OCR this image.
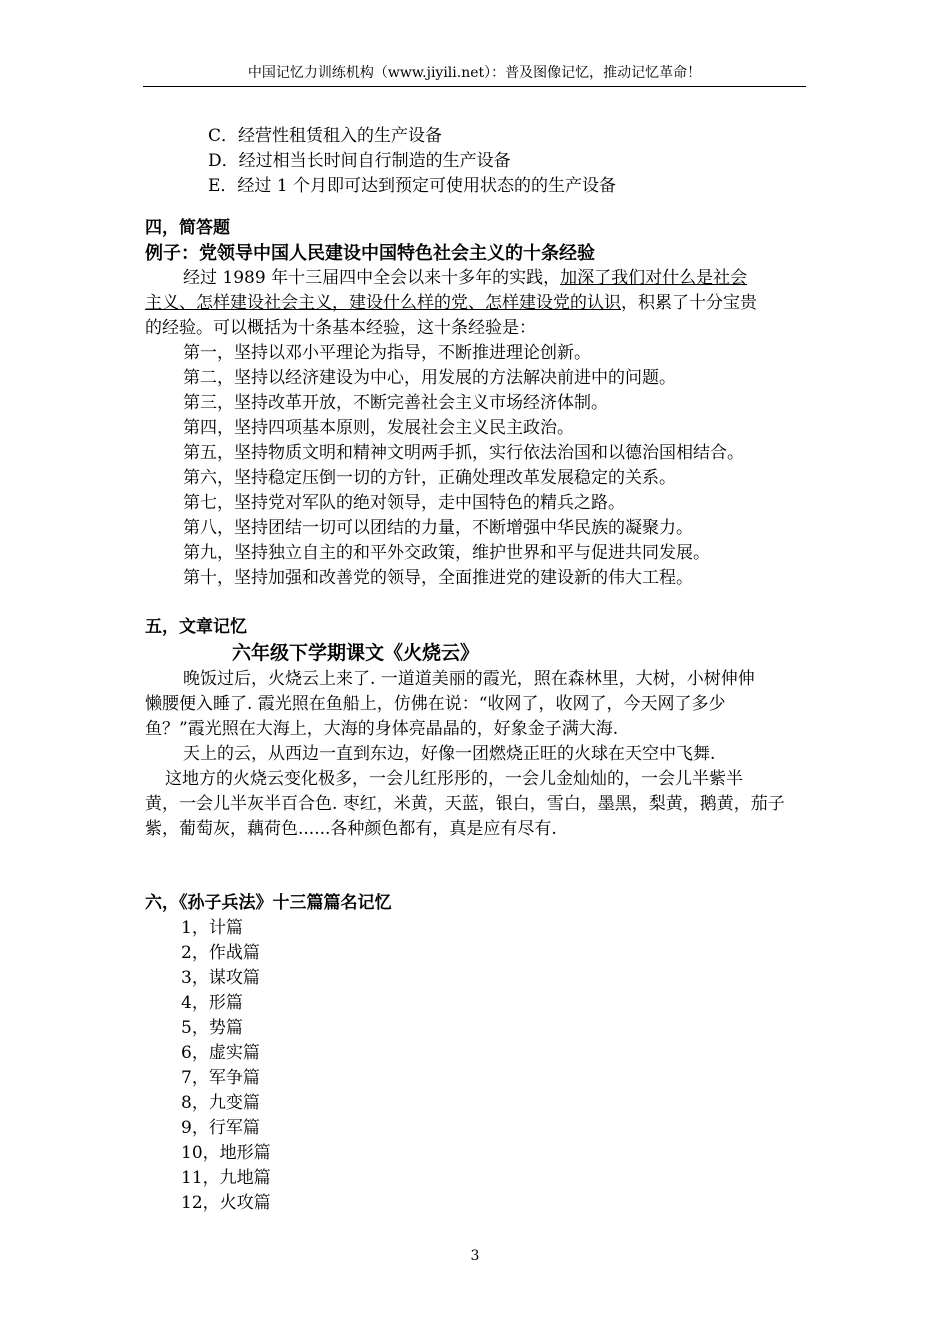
中国记忆力训练机构（www.jiyili.net）：普及图像记忆，推动记忆革命！
C．经营性租赁租入的生产设备
D．经过相当长时间自行制造的生产设备
E．经过 1 个月即可达到预定可使用状态的的生产设备
四，简答题
例子：党领导中国人民建设中国特色社会主义的十条经验
经过 1989 年十三届四中全会以来十多年的实践，加深了我们对什么是社会
主义、怎样建设社会主义，建设什么样的党、怎样建设党的认识，积累了十分宝贵
的经验。可以概括为十条基本经验，这十条经验是：
第一，坚持以邓小平理论为指导，不断推进理论创新。
第二，坚持以经济建设为中心，用发展的方法解决前进中的问题。
第三，坚持改革开放，不断完善社会主义市场经济体制。
第四，坚持四项基本原则，发展社会主义民主政治。
第五，坚持物质文明和精神文明两手抓，实行依法治国和以德治国相结合。
第六，坚持稳定压倒一切的方针，正确处理改革发展稳定的关系。
第七，坚持党对军队的绝对领导，走中国特色的精兵之路。
第八，坚持团结一切可以团结的力量，不断增强中华民族的凝聚力。
第九，坚持独立自主的和平外交政策，维护世界和平与促进共同发展。
第十，坚持加强和改善党的领导，全面推进党的建设新的伟大工程。
五，文章记忆
六年级下学期课文《火烧云》
晚饭过后，火烧云上来了. 一道道美丽的霞光，照在森林里，大树，小树伸伸
懒腰便入睡了. 霞光照在鱼船上，仿佛在说：“收网了，收网了，今天网了多少
鱼？”霞光照在大海上，大海的身体亮晶晶的，好象金子满大海.
天上的云，从西边一直到东边，好像一团燃烧正旺的火球在天空中飞舞.
这地方的火烧云变化极多，一会儿红彤彤的，一会儿金灿灿的，一会儿半紫半
黄，一会儿半灰半百合色. 枣红，米黄，天蓝，银白，雪白，墨黑，梨黄，鹅黄，茄子
紫，葡萄灰，藕荷色......各种颜色都有，真是应有尽有.
六，《孙子兵法》十三篇篇名记忆
1，计篇
2，作战篇
3，谋攻篇
4，形篇
5，势篇
6，虚实篇
7，军争篇
8，九变篇
9，行军篇
10，地形篇
11，九地篇
12，火攻篇
3
